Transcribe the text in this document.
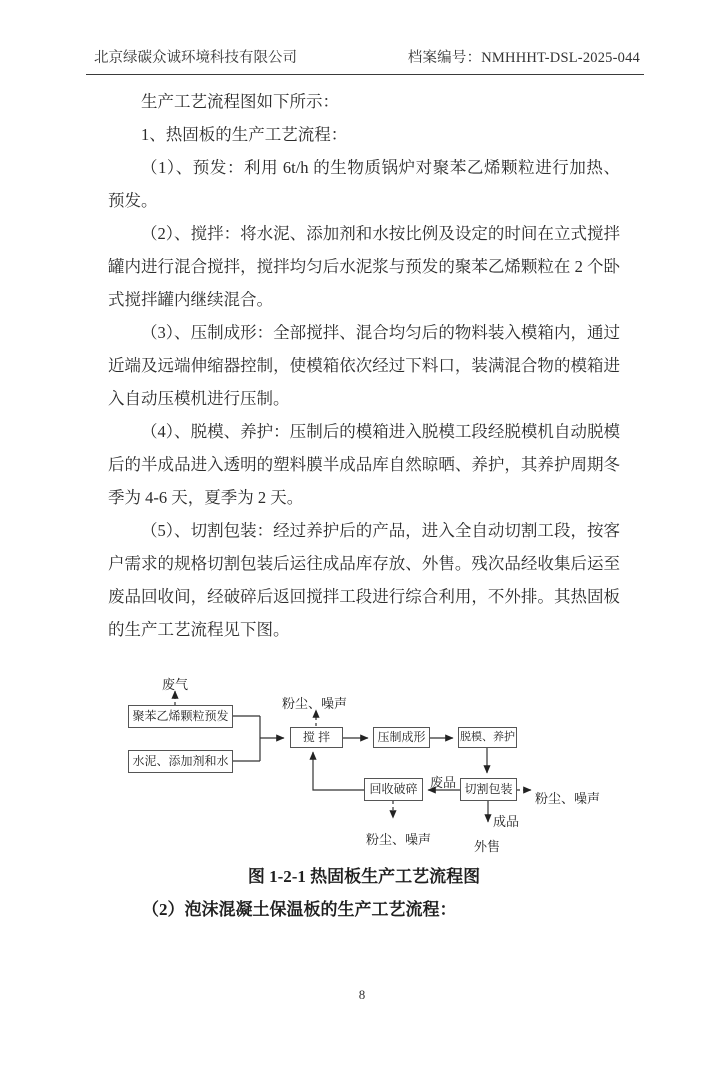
北京绿碳众诚环境科技有限公司	档案编号：NMHHHT-DSL-2025-044

生产工艺流程图如下所示：

1、热固板的生产工艺流程：

（1）、预发：利用 6t/h 的生物质锅炉对聚苯乙烯颗粒进行加热、预发。

（2）、搅拌：将水泥、添加剂和水按比例及设定的时间在立式搅拌罐内进行混合搅拌，搅拌均匀后水泥浆与预发的聚苯乙烯颗粒在 2 个卧式搅拌罐内继续混合。

（3）、压制成形：全部搅拌、混合均匀后的物料装入模箱内，通过近端及远端伸缩器控制，使模箱依次经过下料口，装满混合物的模箱进入自动压模机进行压制。

（4）、脱模、养护：压制后的模箱进入脱模工段经脱模机自动脱模后的半成品进入透明的塑料膜半成品库自然晾晒、养护，其养护周期冬季为 4-6 天，夏季为 2 天。

（5）、切割包装：经过养护后的产品，进入全自动切割工段，按客户需求的规格切割包装后运往成品库存放、外售。残次品经收集后运至废品回收间，经破碎后返回搅拌工段进行综合利用，不外排。其热固板的生产工艺流程见下图。

聚苯乙烯颗粒预发
水泥、添加剂和水
搅 拌	压制成形	脱模、养护
回收破碎	切割包装
废气
粉尘、噪声
废品
粉尘、噪声
粉尘、噪声
成品
外售
图 1-2-1 热固板生产工艺流程图
（2）泡沫混凝土保温板的生产工艺流程：
8
